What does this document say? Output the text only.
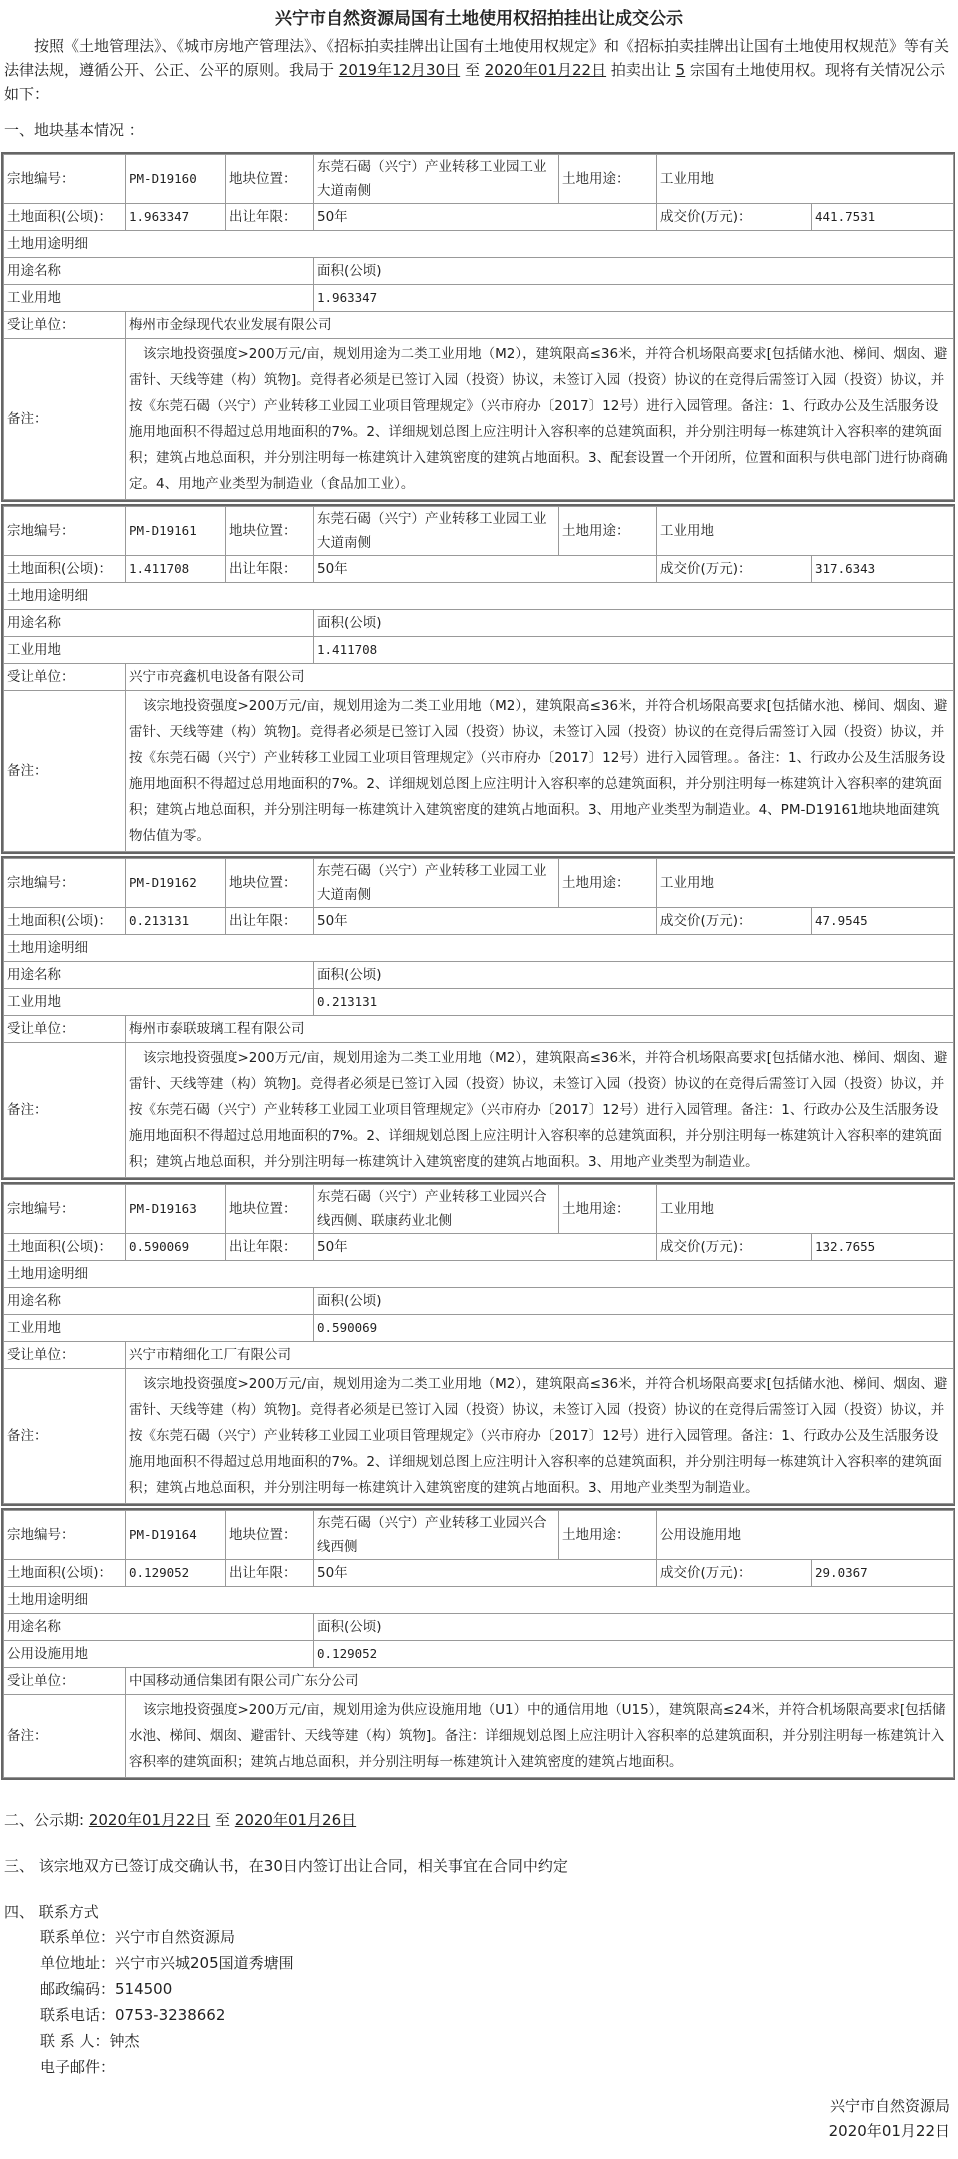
兴宁市自然资源局国有土地使用权招拍挂出让成交公示
按照《土地管理法》、《城市房地产管理法》、《招标拍卖挂牌出让国有土地使用权规定》和《招标拍卖挂牌出让国有土地使用权规范》等有关法律法规，遵循公开、公正、公平的原则。我局于 2019年12月30日 至 2020年01月22日 拍卖出让 5 宗国有土地使用权。现将有关情况公示如下：
一、地块基本情况 ：
宗地编号：	PM-D19160	地块位置：	东莞石碣（兴宁）产业转移工业园工业大道南侧	土地用途：	工业用地	
土地面积(公顷)：	1.963347	出让年限：	50年		成交价(万元)：	441.7531
土地用途明细						
用途名称			面积(公顷)			
工业用地			1.963347			
受让单位：	梅州市金绿现代农业发展有限公司					
备注：	该宗地投资强度>200万元/亩，规划用途为二类工业用地（M2），建筑限高≤36米，并符合机场限高要求[包括储水池、梯间、烟囱、避雷针、天线等建（构）筑物]。竞得者必须是已签订入园（投资）协议，未签订入园（投资）协议的在竞得后需签订入园（投资）协议，并按《东莞石碣（兴宁）产业转移工业园工业项目管理规定》（兴市府办〔2017〕12号）进行入园管理。备注：1、行政办公及生活服务设施用地面积不得超过总用地面积的7%。2、详细规划总图上应注明计入容积率的总建筑面积，并分别注明每一栋建筑计入容积率的建筑面积；建筑占地总面积，并分别注明每一栋建筑计入建筑密度的建筑占地面积。3、配套设置一个开闭所，位置和面积与供电部门进行协商确定。4、用地产业类型为制造业（食品加工业）。					
宗地编号：	PM-D19161	地块位置：	东莞石碣（兴宁）产业转移工业园工业大道南侧	土地用途：	工业用地	
土地面积(公顷)：	1.411708	出让年限：	50年		成交价(万元)：	317.6343
土地用途明细						
用途名称			面积(公顷)			
工业用地			1.411708			
受让单位：	兴宁市亮鑫机电设备有限公司					
备注：	该宗地投资强度>200万元/亩，规划用途为二类工业用地（M2），建筑限高≤36米，并符合机场限高要求[包括储水池、梯间、烟囱、避雷针、天线等建（构）筑物]。竞得者必须是已签订入园（投资）协议，未签订入园（投资）协议的在竞得后需签订入园（投资）协议，并按《东莞石碣（兴宁）产业转移工业园工业项目管理规定》（兴市府办〔2017〕12号）进行入园管理。。备注：1、行政办公及生活服务设施用地面积不得超过总用地面积的7%。2、详细规划总图上应注明计入容积率的总建筑面积，并分别注明每一栋建筑计入容积率的建筑面积；建筑占地总面积，并分别注明每一栋建筑计入建筑密度的建筑占地面积。3、用地产业类型为制造业。4、PM-D19161地块地面建筑物估值为零。					
宗地编号：	PM-D19162	地块位置：	东莞石碣（兴宁）产业转移工业园工业大道南侧	土地用途：	工业用地	
土地面积(公顷)：	0.213131	出让年限：	50年		成交价(万元)：	47.9545
土地用途明细						
用途名称			面积(公顷)			
工业用地			0.213131			
受让单位：	梅州市泰联玻璃工程有限公司					
备注：	该宗地投资强度>200万元/亩，规划用途为二类工业用地（M2），建筑限高≤36米，并符合机场限高要求[包括储水池、梯间、烟囱、避雷针、天线等建（构）筑物]。竞得者必须是已签订入园（投资）协议，未签订入园（投资）协议的在竞得后需签订入园（投资）协议，并按《东莞石碣（兴宁）产业转移工业园工业项目管理规定》（兴市府办〔2017〕12号）进行入园管理。备注：1、行政办公及生活服务设施用地面积不得超过总用地面积的7%。2、详细规划总图上应注明计入容积率的总建筑面积，并分别注明每一栋建筑计入容积率的建筑面积；建筑占地总面积，并分别注明每一栋建筑计入建筑密度的建筑占地面积。3、用地产业类型为制造业。					
宗地编号：	PM-D19163	地块位置：	东莞石碣（兴宁）产业转移工业园兴合线西侧、联康药业北侧	土地用途：	工业用地	
土地面积(公顷)：	0.590069	出让年限：	50年		成交价(万元)：	132.7655
土地用途明细						
用途名称			面积(公顷)			
工业用地			0.590069			
受让单位：	兴宁市精细化工厂有限公司					
备注：	该宗地投资强度>200万元/亩，规划用途为二类工业用地（M2），建筑限高≤36米，并符合机场限高要求[包括储水池、梯间、烟囱、避雷针、天线等建（构）筑物]。竞得者必须是已签订入园（投资）协议，未签订入园（投资）协议的在竞得后需签订入园（投资）协议，并按《东莞石碣（兴宁）产业转移工业园工业项目管理规定》（兴市府办〔2017〕12号）进行入园管理。备注：1、行政办公及生活服务设施用地面积不得超过总用地面积的7%。2、详细规划总图上应注明计入容积率的总建筑面积，并分别注明每一栋建筑计入容积率的建筑面积；建筑占地总面积，并分别注明每一栋建筑计入建筑密度的建筑占地面积。3、用地产业类型为制造业。					
宗地编号：	PM-D19164	地块位置：	东莞石碣（兴宁）产业转移工业园兴合线西侧	土地用途：	公用设施用地	
土地面积(公顷)：	0.129052	出让年限：	50年		成交价(万元)：	29.0367
土地用途明细						
用途名称			面积(公顷)			
公用设施用地			0.129052			
受让单位：	中国移动通信集团有限公司广东分公司					
备注：	该宗地投资强度>200万元/亩，规划用途为供应设施用地（U1）中的通信用地（U15），建筑限高≤24米，并符合机场限高要求[包括储水池、梯间、烟囱、避雷针、天线等建（构）筑物]。备注：详细规划总图上应注明计入容积率的总建筑面积，并分别注明每一栋建筑计入容积率的建筑面积；建筑占地总面积，并分别注明每一栋建筑计入建筑密度的建筑占地面积。					
二、公示期: 2020年01月22日 至 2020年01月26日
三、 该宗地双方已签订成交确认书，在30日内签订出让合同，相关事宜在合同中约定
四、 联系方式
联系单位：兴宁市自然资源局
单位地址：兴宁市兴城205国道秀塘围
邮政编码：514500
联系电话：0753-3238662
联 系 人：钟杰
电子邮件：
兴宁市自然资源局
2020年01月22日
